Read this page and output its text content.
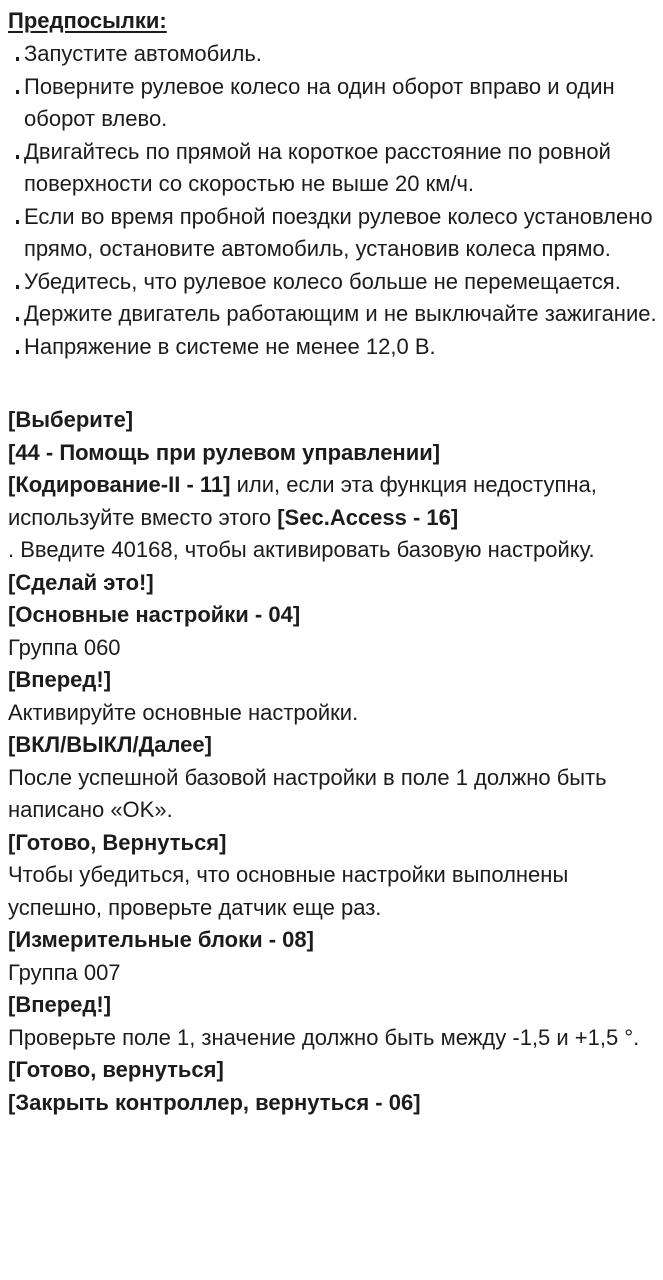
Предпосылки:
Запустите автомобиль.
Поверните рулевое колесо на один оборот вправо и один оборот влево.
Двигайтесь по прямой на короткое расстояние по ровной поверхности со скоростью не выше 20 км/ч.
Если во время пробной поездки рулевое колесо установлено прямо, остановите автомобиль, установив колеса прямо.
Убедитесь, что рулевое колесо больше не перемещается.
Держите двигатель работающим и не выключайте зажигание.
Напряжение в системе не менее 12,0 В.
[Выберите]
[44 - Помощь при рулевом управлении]
[Кодирование-II - 11] или, если эта функция недоступна, используйте вместо этого [Sec.Access - 16]
. Введите 40168, чтобы активировать базовую настройку.
[Сделай это!]
[Основные настройки - 04]
Группа 060
[Вперед!]
Активируйте основные настройки.
[ВКЛ/ВЫКЛ/Далее]
После успешной базовой настройки в поле 1 должно быть написано «OK».
[Готово, Вернуться]
Чтобы убедиться, что основные настройки выполнены успешно, проверьте датчик еще раз.
[Измерительные блоки - 08]
Группа 007
[Вперед!]
Проверьте поле 1, значение должно быть между -1,5 и +1,5 °.
[Готово, вернуться]
[Закрыть контроллер, вернуться - 06]
